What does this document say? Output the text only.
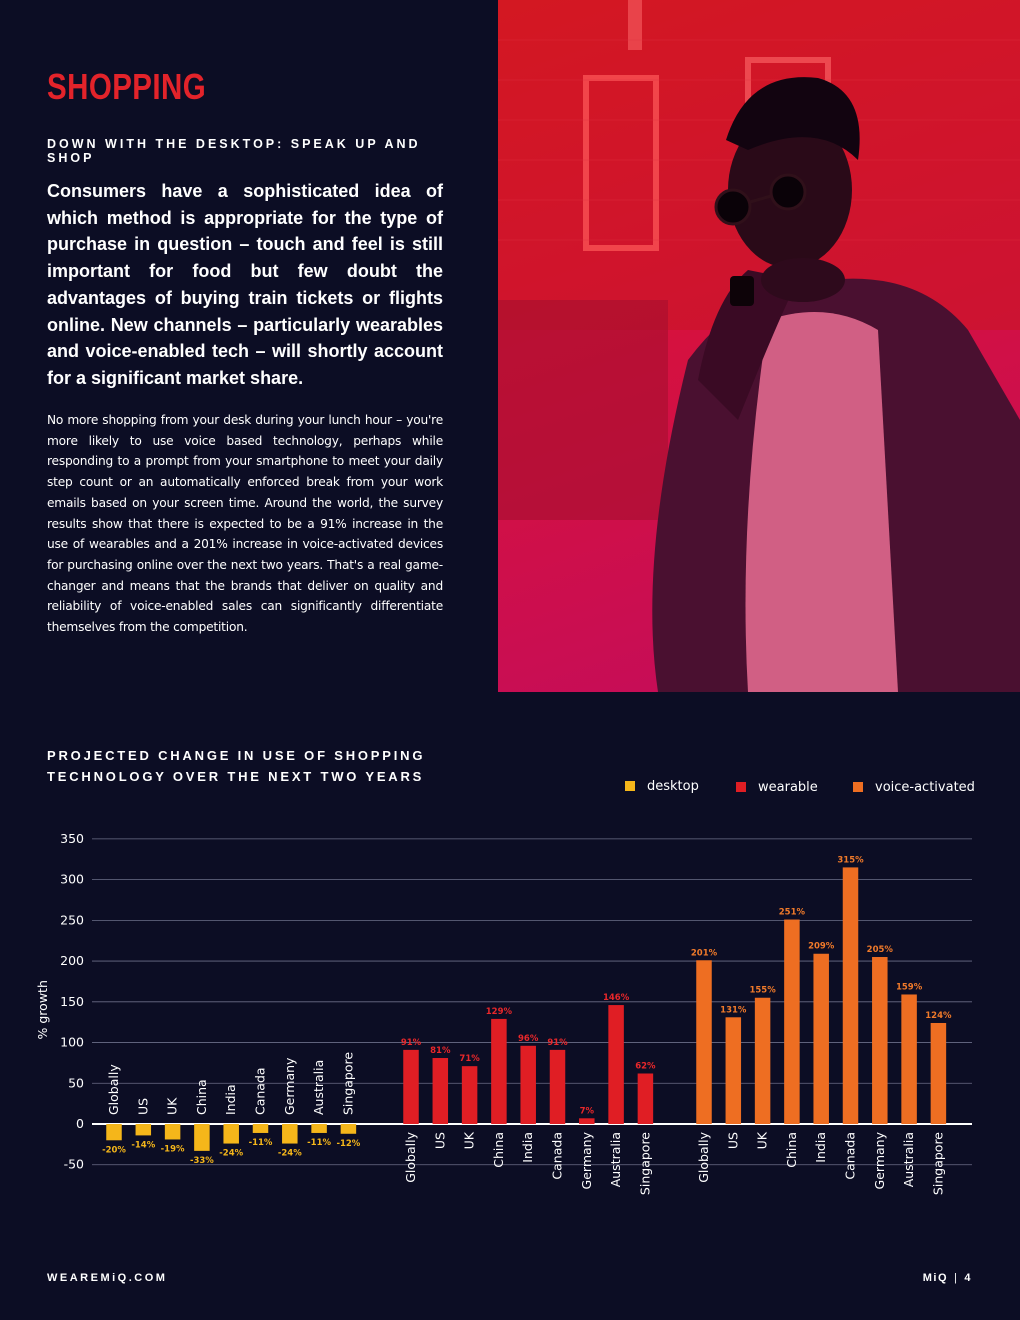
SHOPPING
DOWN WITH THE DESKTOP: SPEAK UP AND SHOP

Consumers have a sophisticated idea of which method is appropriate for the type of purchase in question – touch and feel is still important for food but few doubt the advantages of buying train tickets or flights online. New channels – particularly wearables and voice-enabled tech – will shortly account for a significant market share.

No more shopping from your desk during your lunch hour – you're more likely to use voice based technology, perhaps while responding to a prompt from your smartphone to meet your daily step count or an automatically enforced break from your work emails based on your screen time. Around the world, the survey results show that there is expected to be a 91% increase in the use of wearables and a 201% increase in voice-activated devices for purchasing online over the next two years. That's a real game-changer and means that the brands that deliver on quality and reliability of voice-enabled sales can significantly differentiate themselves from the competition.

PROJECTED CHANGE IN USE OF SHOPPING
TECHNOLOGY OVER THE NEXT TWO YEARS
desktop	wearable	voice-activated
-50
0
50
100
150
200
250
300
350
% growth
-20%
Globally
-14%
US
-19%
UK
-33%
China
-24%
India
-11%
Canada
-24%
Germany
-11%
Australia
-12%
Singapore
91%
Globally
81%
US
71%
UK
129%
China
96%
India
91%
Canada
7%
Germany
146%
Australia
62%
Singapore
201%
Globally
131%
US
155%
UK
251%
China
209%
India
315%
Canada
205%
Germany
159%
Australia
124%
Singapore
WEAREMiQ.COM	MiQ | 4
